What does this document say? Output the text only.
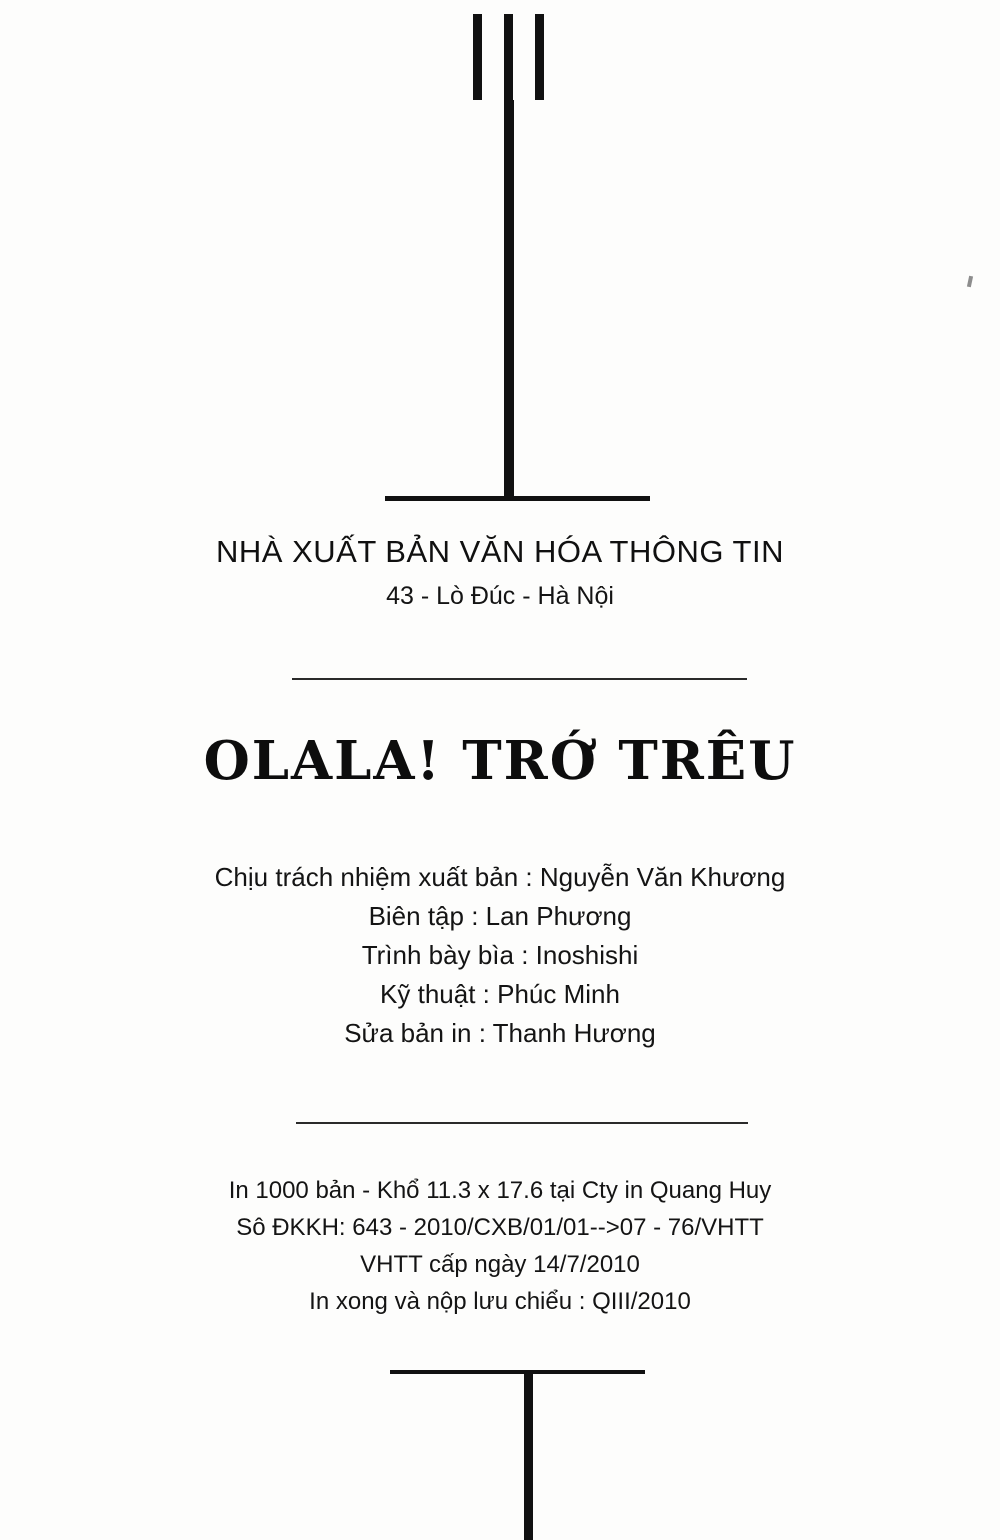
NHÀ XUẤT BẢN VĂN HÓA THÔNG TIN
43 - Lò Đúc - Hà Nội
OLALA! TRỚ TRÊU
Chịu trách nhiệm xuất bản : Nguyễn Văn Khương
Biên tập : Lan Phương
Trình bày bìa : Inoshishi
Kỹ thuật : Phúc Minh
Sửa bản in : Thanh Hương
In 1000 bản - Khổ 11.3 x 17.6 tại Cty in Quang Huy
Sô ĐKKH: 643 - 2010/CXB/01/01-->07 - 76/VHTT
VHTT cấp ngày 14/7/2010
In xong và nộp lưu chiểu : QIII/2010
